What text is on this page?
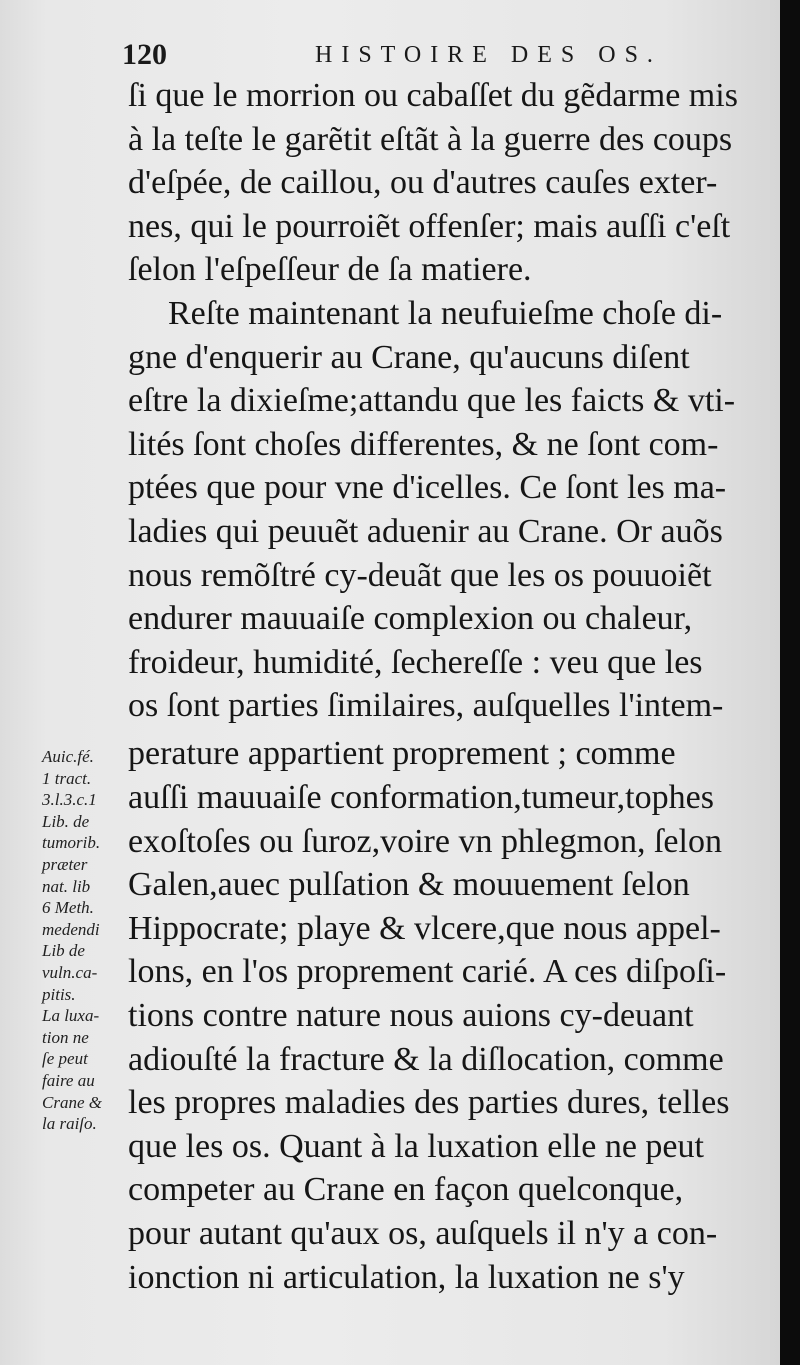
120	HISTOIRE DES OS.
ſi que le morrion ou cabaſſet du gẽdarme mis
à la teſte le garẽtit eſtãt à la guerre des coups
d'eſpée, de caillou, ou d'autres cauſes exter-
nes, qui le pourroiẽt offenſer; mais auſſi c'eſt
ſelon l'eſpeſſeur de ſa matiere.
Reſte maintenant la neufuieſme choſe di-
gne d'enquerir au Crane, qu'aucuns diſent
eſtre la dixieſme;attandu que les faicts & vti-
lités ſont choſes differentes, & ne ſont com-
ptées que pour vne d'icelles. Ce ſont les ma-
ladies qui peuuẽt aduenir au Crane. Or auõs
nous remõſtré cy-deuãt que les os pouuoiẽt
endurer mauuaiſe complexion ou chaleur,
froideur, humidité, ſechereſſe : veu que les
os ſont parties ſimilaires, auſquelles l'intem-
perature appartient proprement ; comme
auſſi mauuaiſe conformation,tumeur,tophes
exoſtoſes ou ſuroz,voire vn phlegmon, ſelon
Galen,auec pulſation & mouuement ſelon
Hippocrate; playe & vlcere,que nous appel-
lons, en l'os proprement carié. A ces diſpoſi-
tions contre nature nous auions cy-deuant
adiouſté la fracture & la diſlocation, comme
les propres maladies des parties dures, telles
que les os. Quant à la luxation elle ne peut
competer au Crane en façon quelconque,
pour autant qu'aux os, auſquels il n'y a con-
ionction ni articulation, la luxation ne s'y
Auic.fé.
1 tract.
3.l.3.c.1
Lib. de
tumorib.
præter
nat. lib
6 Meth.
medendi
Lib de
vuln.ca-
pitis.
La luxa-
tion ne
ſe peut
faire au
Crane &
la raiſo.
